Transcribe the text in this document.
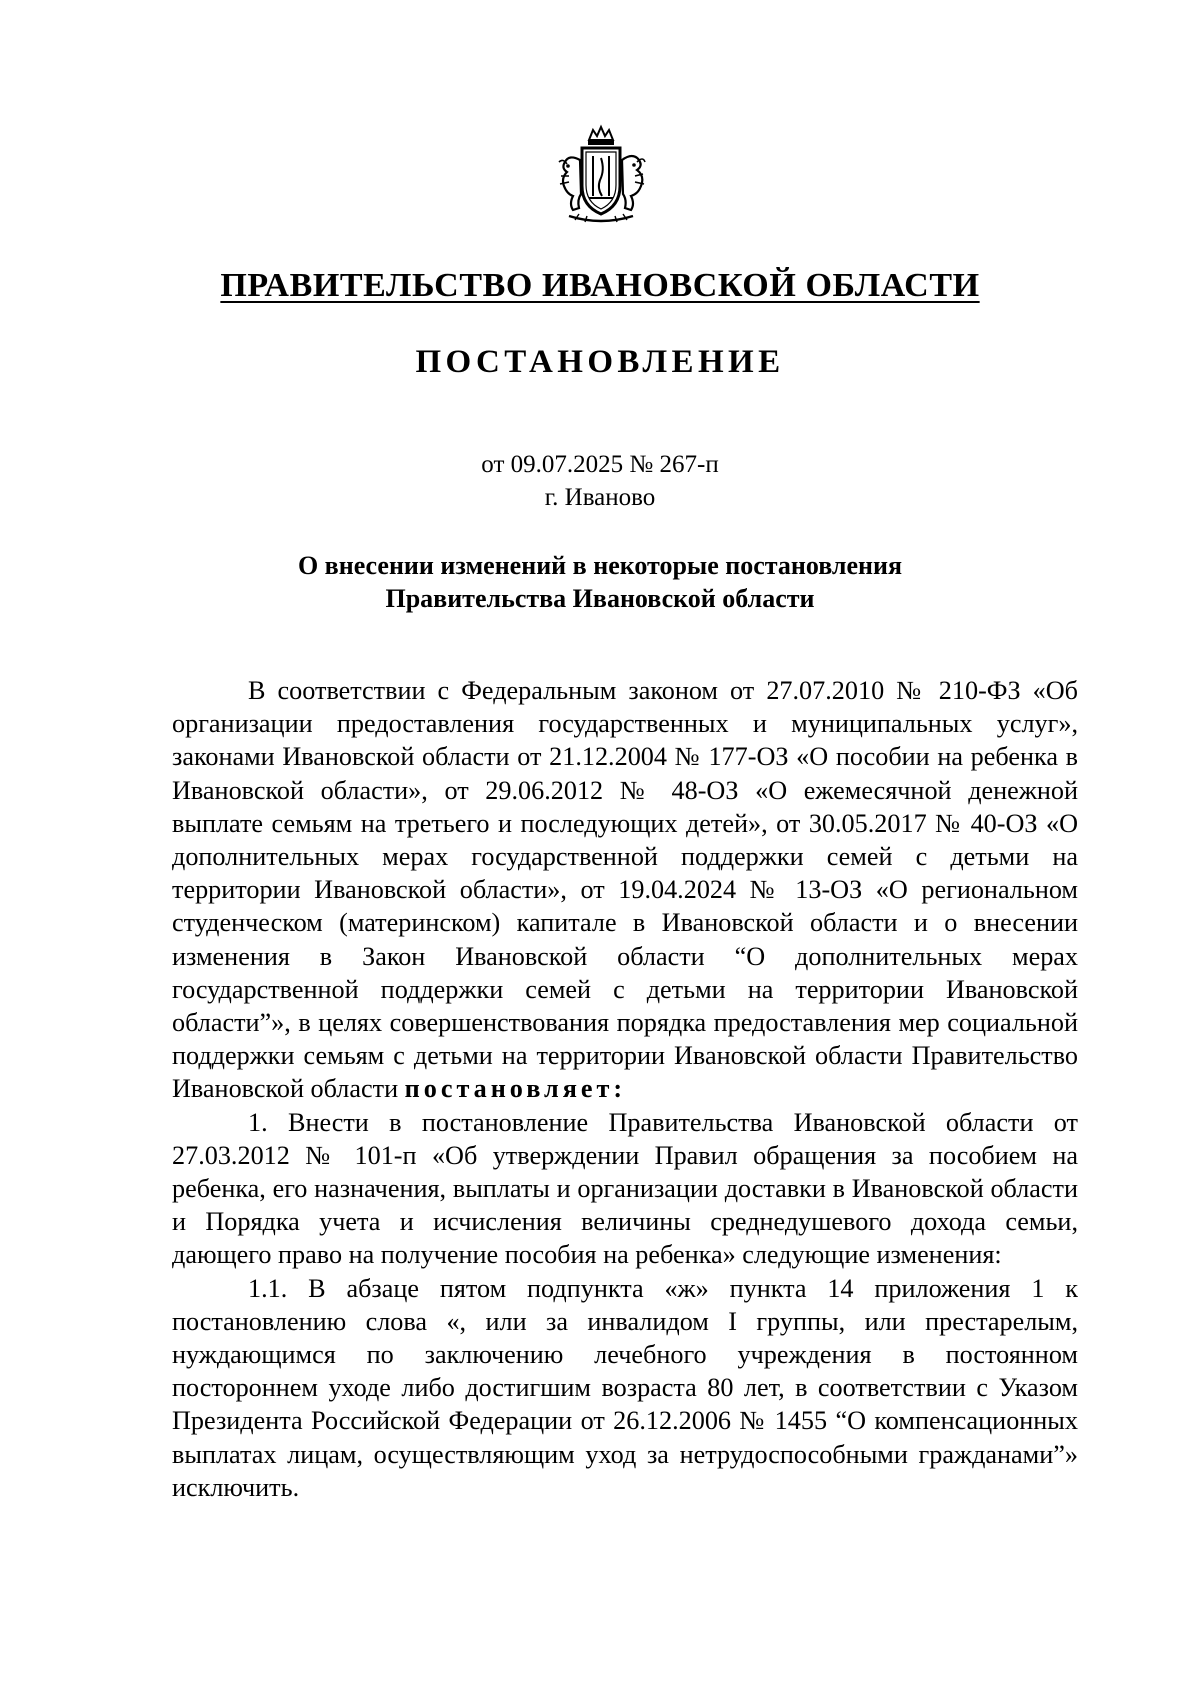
ПРАВИТЕЛЬСТВО ИВАНОВСКОЙ ОБЛАСТИ
ПОСТАНОВЛЕНИЕ
от 09.07.2025 № 267-п
г. Иваново
О внесении изменений в некоторые постановления
Правительства Ивановской области

В соответствии с Федеральным законом от 27.07.2010 № 210-ФЗ «Об организации предоставления государственных и муниципальных услуг», законами Ивановской области от 21.12.2004 № 177-ОЗ «О пособии на ребенка в Ивановской области», от 29.06.2012 № 48-ОЗ «О ежемесячной денежной выплате семьям на третьего и последующих детей», от 30.05.2017 № 40-ОЗ «О дополнительных мерах государственной поддержки семей с детьми на территории Ивановской области», от 19.04.2024 № 13-ОЗ «О региональном студенческом (материнском) капитале в Ивановской области и о внесении изменения в Закон Ивановской области “О дополнительных мерах государственной поддержки семей с детьми на территории Ивановской области”», в целях совершенствования порядка предоставления мер социальной поддержки семьям с детьми на территории Ивановской области Правительство Ивановской области постановляет:

1. Внести в постановление Правительства Ивановской области от 27.03.2012 № 101-п «Об утверждении Правил обращения за пособием на ребенка, его назначения, выплаты и организации доставки в Ивановской области и Порядка учета и исчисления величины среднедушевого дохода семьи, дающего право на получение пособия на ребенка» следующие изменения:

1.1. В абзаце пятом подпункта «ж» пункта 14 приложения 1 к постановлению слова «, или за инвалидом I группы, или престарелым, нуждающимся по заключению лечебного учреждения в постоянном постороннем уходе либо достигшим возраста 80 лет, в соответствии с Указом Президента Российской Федерации от 26.12.2006 № 1455 “О компенсационных выплатах лицам, осуществляющим уход за нетрудоспособными гражданами”» исключить.
